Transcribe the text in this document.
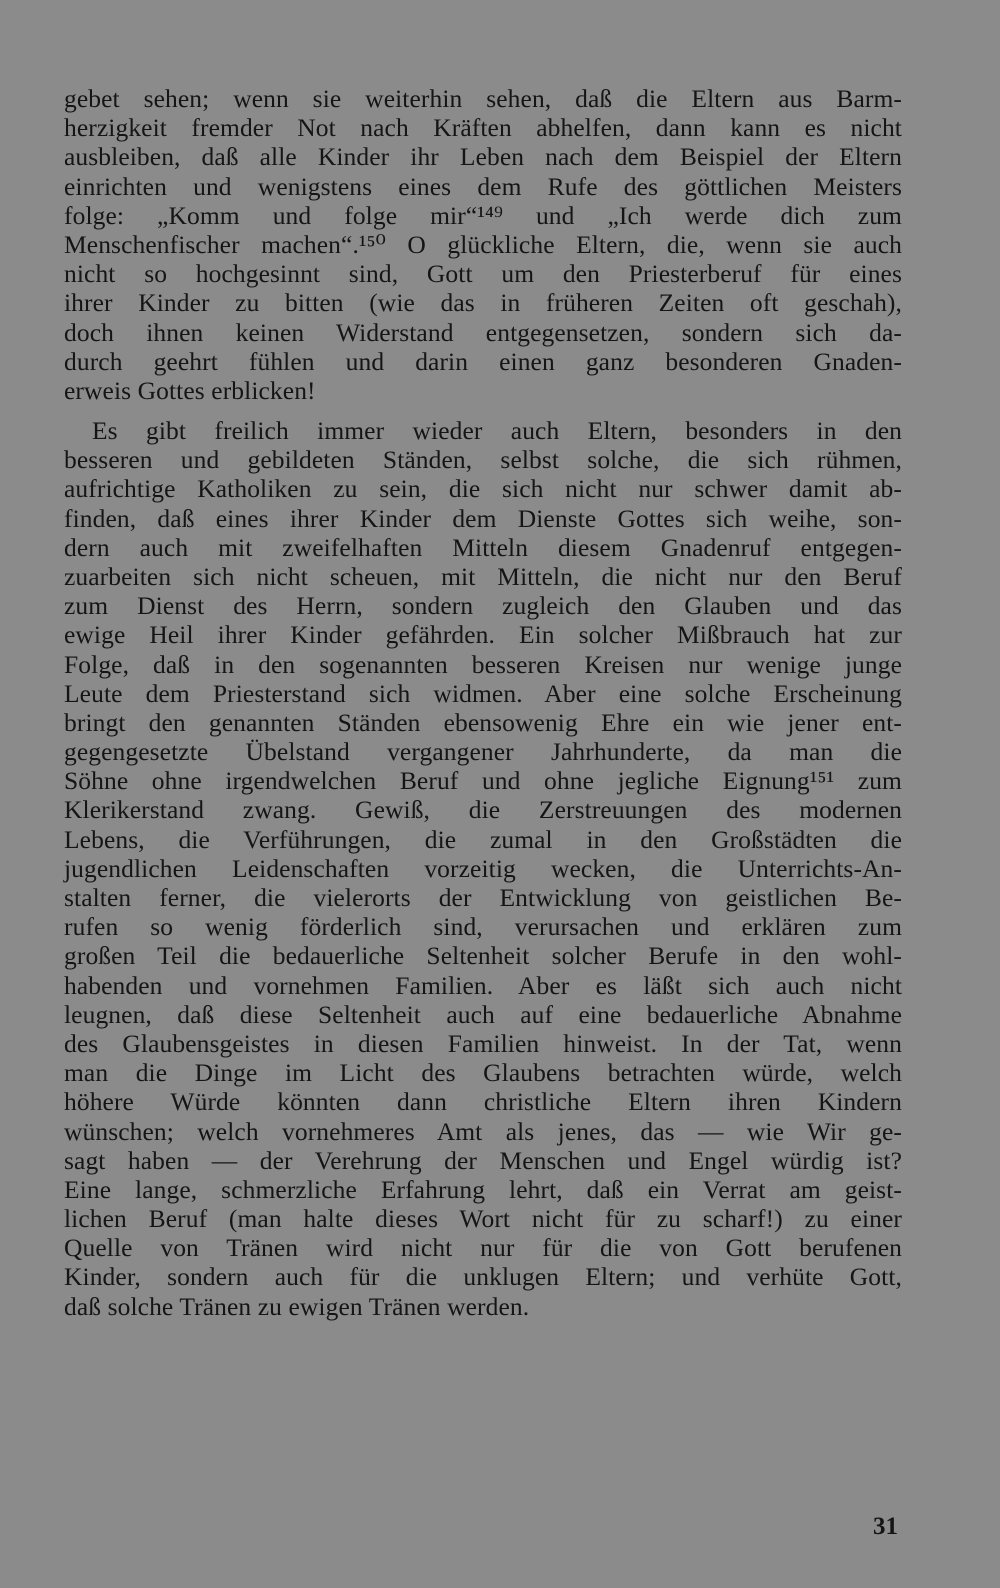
gebet sehen; wenn sie weiterhin sehen, daß die Eltern aus Barm-
herzigkeit fremder Not nach Kräften abhelfen, dann kann es nicht
ausbleiben, daß alle Kinder ihr Leben nach dem Beispiel der Eltern
einrichten und wenigstens eines dem Rufe des göttlichen Meisters
folge: „Komm und folge mir“¹⁴⁹ und „Ich werde dich zum
Menschenfischer machen“.¹⁵⁰ O glückliche Eltern, die, wenn sie auch
nicht so hochgesinnt sind, Gott um den Priesterberuf für eines
ihrer Kinder zu bitten (wie das in früheren Zeiten oft geschah),
doch ihnen keinen Widerstand entgegensetzen, sondern sich da-
durch geehrt fühlen und darin einen ganz besonderen Gnaden-
erweis Gottes erblicken!
Es gibt freilich immer wieder auch Eltern, besonders in den
besseren und gebildeten Ständen, selbst solche, die sich rühmen,
aufrichtige Katholiken zu sein, die sich nicht nur schwer damit ab-
finden, daß eines ihrer Kinder dem Dienste Gottes sich weihe, son-
dern auch mit zweifelhaften Mitteln diesem Gnadenruf entgegen-
zuarbeiten sich nicht scheuen, mit Mitteln, die nicht nur den Beruf
zum Dienst des Herrn, sondern zugleich den Glauben und das
ewige Heil ihrer Kinder gefährden. Ein solcher Mißbrauch hat zur
Folge, daß in den sogenannten besseren Kreisen nur wenige junge
Leute dem Priesterstand sich widmen. Aber eine solche Erscheinung
bringt den genannten Ständen ebensowenig Ehre ein wie jener ent-
gegengesetzte Übelstand vergangener Jahrhunderte, da man die
Söhne ohne irgendwelchen Beruf und ohne jegliche Eignung¹⁵¹ zum
Klerikerstand zwang. Gewiß, die Zerstreuungen des modernen
Lebens, die Verführungen, die zumal in den Großstädten die
jugendlichen Leidenschaften vorzeitig wecken, die Unterrichts-An-
stalten ferner, die vielerorts der Entwicklung von geistlichen Be-
rufen so wenig förderlich sind, verursachen und erklären zum
großen Teil die bedauerliche Seltenheit solcher Berufe in den wohl-
habenden und vornehmen Familien. Aber es läßt sich auch nicht
leugnen, daß diese Seltenheit auch auf eine bedauerliche Abnahme
des Glaubensgeistes in diesen Familien hinweist. In der Tat, wenn
man die Dinge im Licht des Glaubens betrachten würde, welch
höhere Würde könnten dann christliche Eltern ihren Kindern
wünschen; welch vornehmeres Amt als jenes, das — wie Wir ge-
sagt haben — der Verehrung der Menschen und Engel würdig ist?
Eine lange, schmerzliche Erfahrung lehrt, daß ein Verrat am geist-
lichen Beruf (man halte dieses Wort nicht für zu scharf!) zu einer
Quelle von Tränen wird nicht nur für die von Gott berufenen
Kinder, sondern auch für die unklugen Eltern; und verhüte Gott,
daß solche Tränen zu ewigen Tränen werden.
31
